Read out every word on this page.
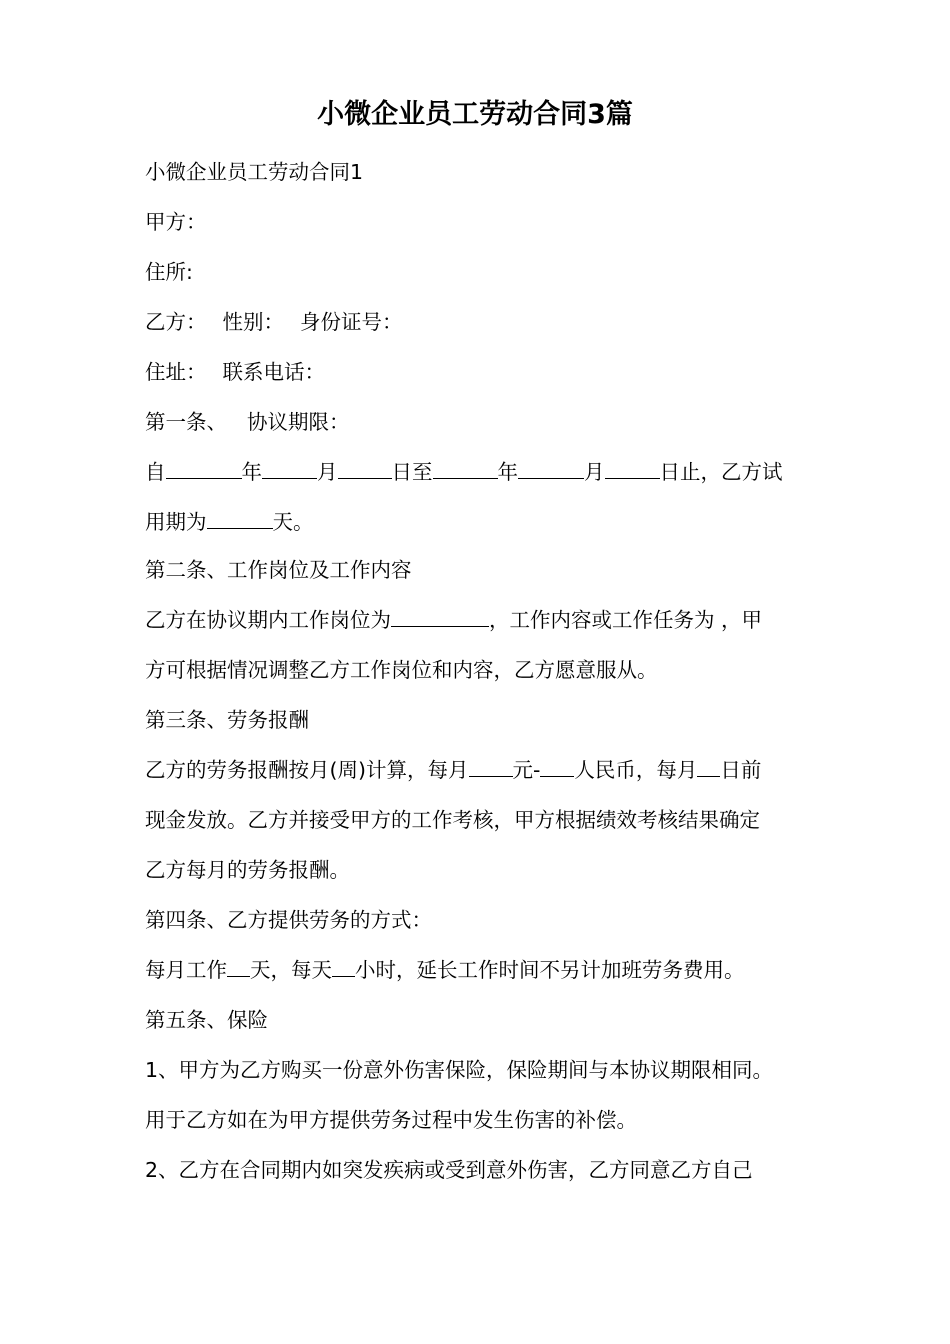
小微企业员工劳动合同3篇
小微企业员工劳动合同1
甲方：
住所:
乙方： 性别： 身份证号：
住址： 联系电话：
第一条、 协议期限：
自	年	月	日至	年	月	日止，乙方试
用期为	天。
第二条、工作岗位及工作内容
乙方在协议期内工作岗位为	，工作内容或工作任务为 ，甲
方可根据情况调整乙方工作岗位和内容，乙方愿意服从。
第三条、劳务报酬
乙方的劳务报酬按月(周)计算，每月 元- 人民币，每月 日前
现金发放。乙方并接受甲方的工作考核，甲方根据绩效考核结果确定
乙方每月的劳务报酬。
第四条、乙方提供劳务的方式：
每月工作 天，每天 小时，延长工作时间不另计加班劳务费用。
第五条、保险
1、甲方为乙方购买一份意外伤害保险，保险期间与本协议期限相同。
用于乙方如在为甲方提供劳务过程中发生伤害的补偿。
2、乙方在合同期内如突发疾病或受到意外伤害，乙方同意乙方自己
